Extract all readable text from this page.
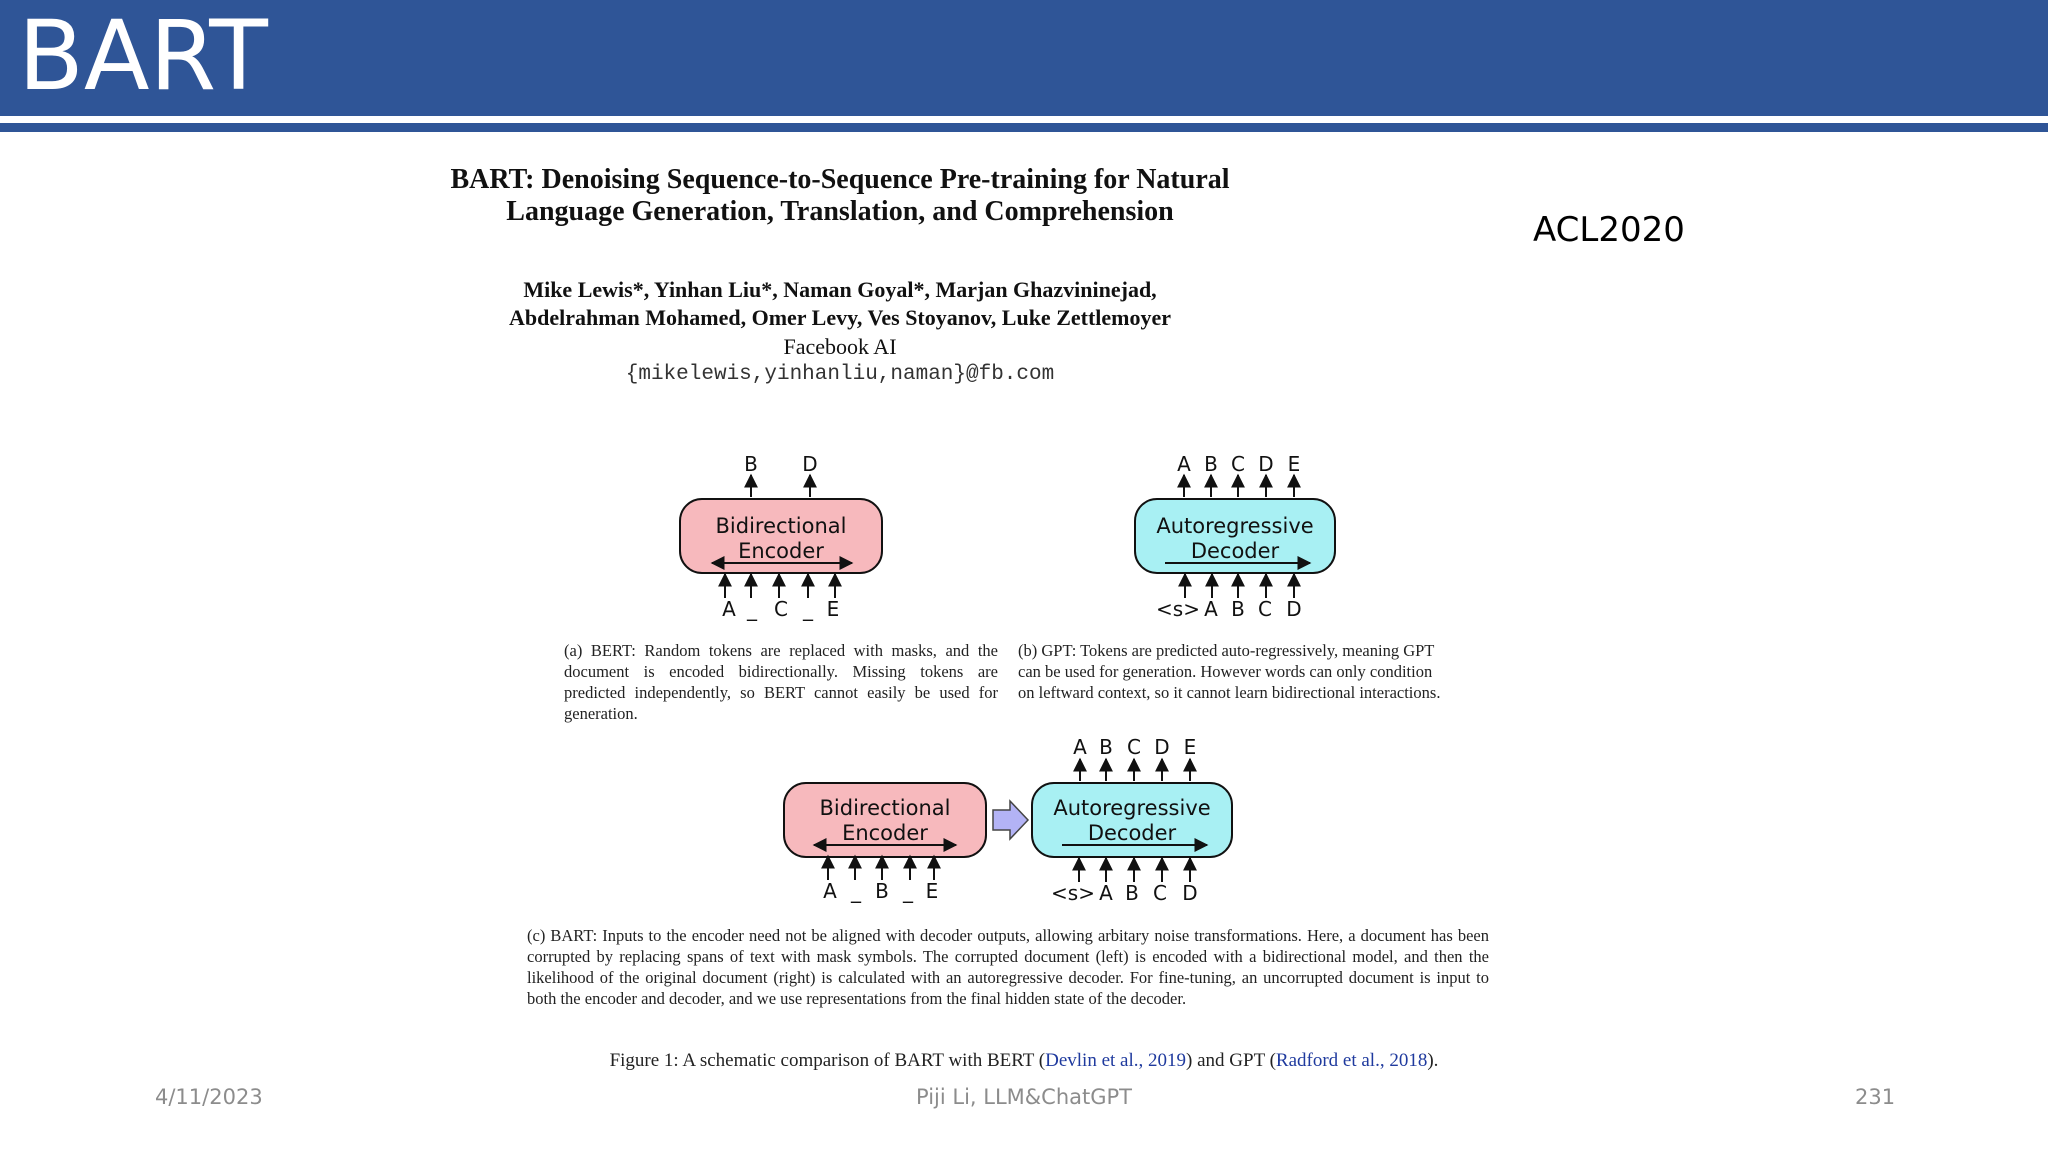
BART
ACL2020
BART: Denoising Sequence-to-Sequence Pre-training for Natural
Language Generation, Translation, and Comprehension
Mike Lewis*, Yinhan Liu*, Naman Goyal*, Marjan Ghazvininejad,
Abdelrahman Mohamed, Omer Levy, Ves Stoyanov, Luke Zettlemoyer
Facebook AI
{mikelewis,yinhanliu,naman}@fb.com
Bidirectional
Encoder
A _ C _ E
B D
Autoregressive
Decoder
<s> A B C D
A B C D E
Bidirectional
Encoder
Autoregressive
Decoder
A _ B _ E	<s> A B C D
A B C D E
(a) BERT: Random tokens are replaced with masks, and the document is encoded bidirectionally. Missing tokens are predicted independently, so BERT cannot easily be used for generation.
(b) GPT: Tokens are predicted auto-regressively, meaning GPT can be used for generation. However words can only condition on leftward context, so it cannot learn bidirectional interactions.
(c) BART: Inputs to the encoder need not be aligned with decoder outputs, allowing arbitary noise transformations. Here, a document has been corrupted by replacing spans of text with mask symbols. The corrupted document (left) is encoded with a bidirectional model, and then the likelihood of the original document (right) is calculated with an autoregressive decoder. For fine-tuning, an uncorrupted document is input to both the encoder and decoder, and we use representations from the final hidden state of the decoder.
Figure 1: A schematic comparison of BART with BERT (Devlin et al., 2019) and GPT (Radford et al., 2018).
4/11/2023	Piji Li, LLM&ChatGPT	231
